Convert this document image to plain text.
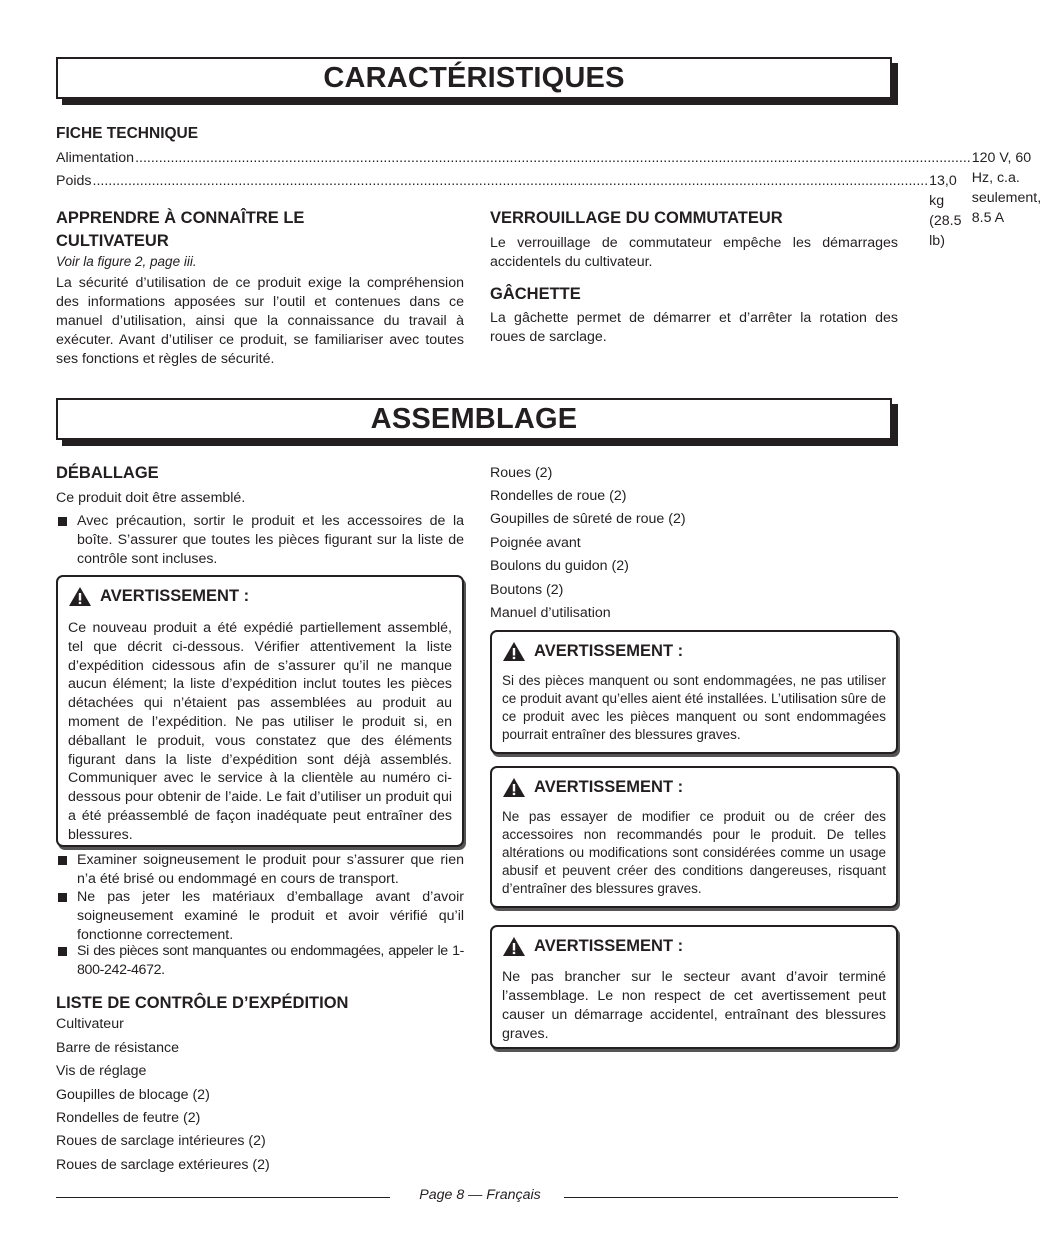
CARACTÉRISTIQUES
FICHE TECHNIQUE
Alimentation .................................................................................................................................................................................................................... 120 V, 60 Hz, c.a. seulement, 8.5 A
Poids .................................................................................................................................................................................................................... 13,0 kg (28.5 lb)
APPRENDRE À CONNAÎTRE LE
CULTIVATEUR
Voir la figure 2, page iii.
La sécurité d’utilisation de ce produit exige la compréhension des informations apposées sur l’outil et contenues dans ce manuel d’utilisation, ainsi que la connaissance du travail à exécuter. Avant d’utiliser ce produit, se familiariser avec toutes ses fonctions et règles de sécurité.
VERROUILLAGE DU COMMUTATEUR
Le verrouillage de commutateur empêche les démarrages accidentels du cultivateur.
GÂCHETTE
La gâchette permet de démarrer et d’arrêter la rotation des roues de sarclage.
ASSEMBLAGE
DÉBALLAGE
Ce produit doit être assemblé.
Avec précaution, sortir le produit et les accessoires de la boîte. S’assurer que toutes les pièces figurant sur la liste de contrôle sont incluses.
AVERTISSEMENT :
Ce nouveau produit a été expédié partiellement assemblé, tel que décrit ci-dessous. Vérifier attentivement la liste d’expédition cidessous afin de s’assurer qu’il ne manque aucun élément; la liste d’expédition inclut toutes les pièces détachées qui n’étaient pas assemblées au produit au moment de l’expédition. Ne pas utiliser le produit si, en déballant le produit, vous constatez que des éléments figurant dans la liste d’expédition sont déjà assemblés. Communiquer avec le service à la clientèle au numéro ci-dessous pour obtenir de l’aide. Le fait d’utiliser un produit qui a été préassemblé de façon inadéquate peut entraîner des blessures.
Examiner soigneusement le produit pour s’assurer que rien n’a été brisé ou endommagé en cours de transport.
Ne pas jeter les matériaux d’emballage avant d’avoir soigneusement examiné le produit et avoir vérifié qu’il fonctionne correctement.
Si des pièces sont manquantes ou endommagées, appeler le 1-800-242-4672.
LISTE DE CONTRÔLE D’EXPÉDITION
Cultivateur
Barre de résistance
Vis de réglage
Goupilles de blocage (2)
Rondelles de feutre (2)
Roues de sarclage intérieures (2)
Roues de sarclage extérieures (2)
Roues (2)
Rondelles de roue (2)
Goupilles de sûreté de roue (2)
Poignée avant
Boulons du guidon (2)
Boutons (2)
Manuel d’utilisation
AVERTISSEMENT :
Si des pièces manquent ou sont endommagées, ne pas utiliser ce produit avant qu’elles aient été installées. L’utilisation sûre de ce produit avec les pièces manquent ou sont endommagées pourrait entraîner des blessures graves.
AVERTISSEMENT :
Ne pas essayer de modifier ce produit ou de créer des accessoires non recommandés pour le produit. De telles altérations ou modifications sont considérées comme un usage abusif et peuvent créer des conditions dangereuses, risquant d’entraîner des blessures graves.
AVERTISSEMENT :
Ne pas brancher sur le secteur avant d’avoir terminé l’assemblage. Le non respect de cet avertissement peut causer un démarrage accidentel, entraînant des blessures graves.
Page 8 — Français
